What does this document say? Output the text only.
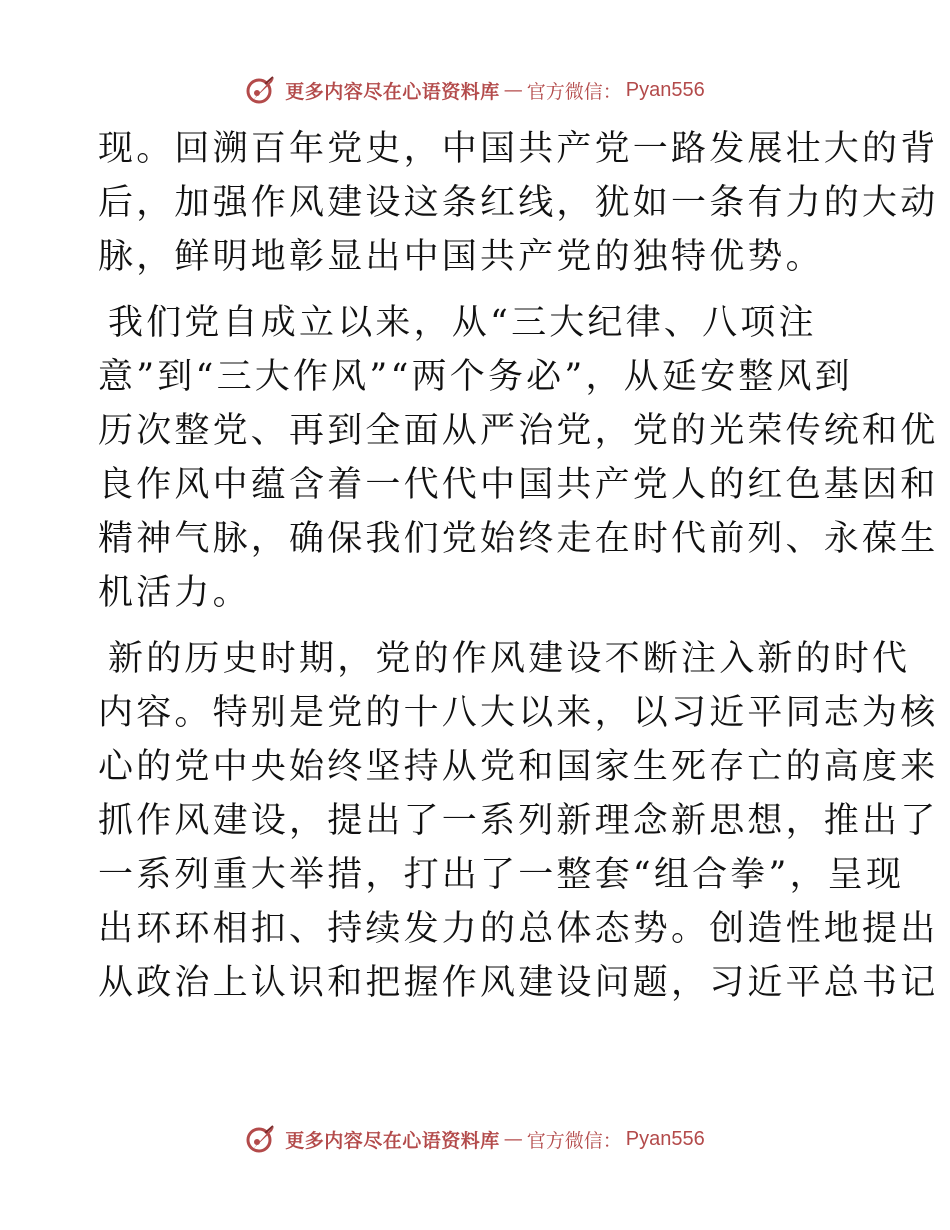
更多内容尽在心语资料库 — 官方微信： Pyan556
现。回溯百年党史，中国共产党一路发展壮大的背
后，加强作风建设这条红线，犹如一条有力的大动
脉，鲜明地彰显出中国共产党的独特优势。
我们党自成立以来，从“三大纪律、八项注
意”到“三大作风”“两个务必”，从延安整风到
历次整党、再到全面从严治党，党的光荣传统和优
良作风中蕴含着一代代中国共产党人的红色基因和
精神气脉，确保我们党始终走在时代前列、永葆生
机活力。
新的历史时期，党的作风建设不断注入新的时代
内容。特别是党的十八大以来，以习近平同志为核
心的党中央始终坚持从党和国家生死存亡的高度来
抓作风建设，提出了一系列新理念新思想，推出了
一系列重大举措，打出了一整套“组合拳”，呈现
出环环相扣、持续发力的总体态势。创造性地提出
从政治上认识和把握作风建设问题，习近平总书记
更多内容尽在心语资料库 — 官方微信： Pyan556
